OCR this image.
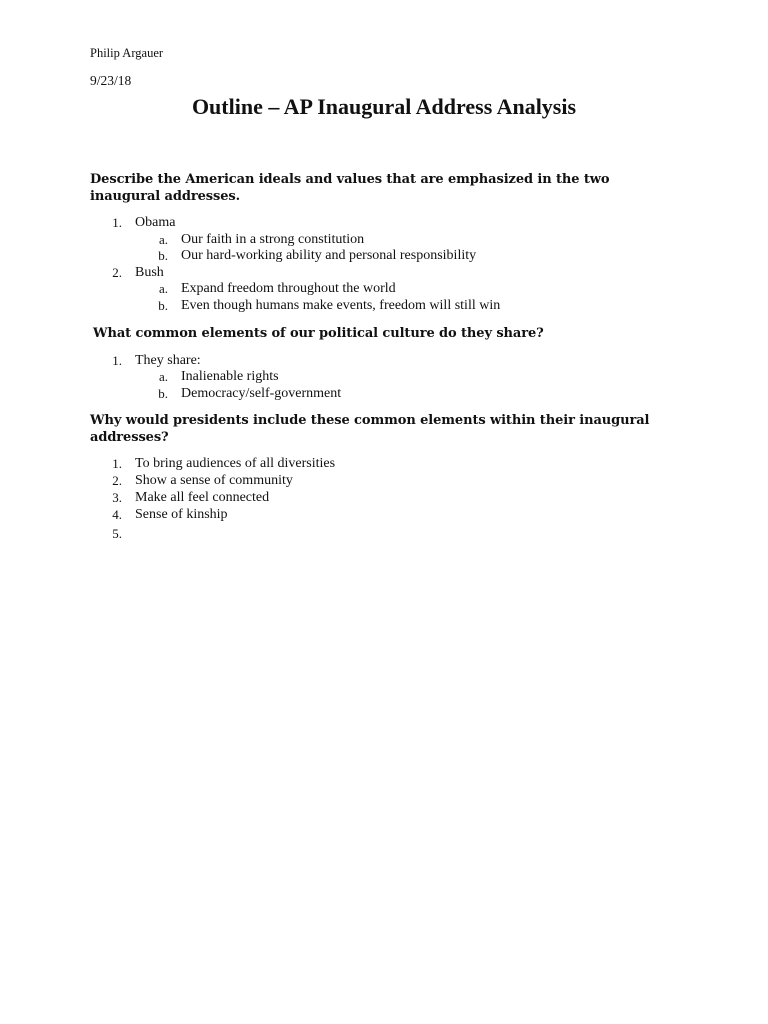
Philip Argauer
9/23/18
Outline – AP Inaugural Address Analysis
Describe the American ideals and values that are emphasized in the two inaugural addresses.
1. Obama
a. Our faith in a strong constitution
b. Our hard-working ability and personal responsibility
2. Bush
a. Expand freedom throughout the world
b. Even though humans make events, freedom will still win
What common elements of our political culture do they share?
1. They share:
a. Inalienable rights
b. Democracy/self-government
Why would presidents include these common elements within their inaugural addresses?
1. To bring audiences of all diversities
2. Show a sense of community
3. Make all feel connected
4. Sense of kinship
5.
